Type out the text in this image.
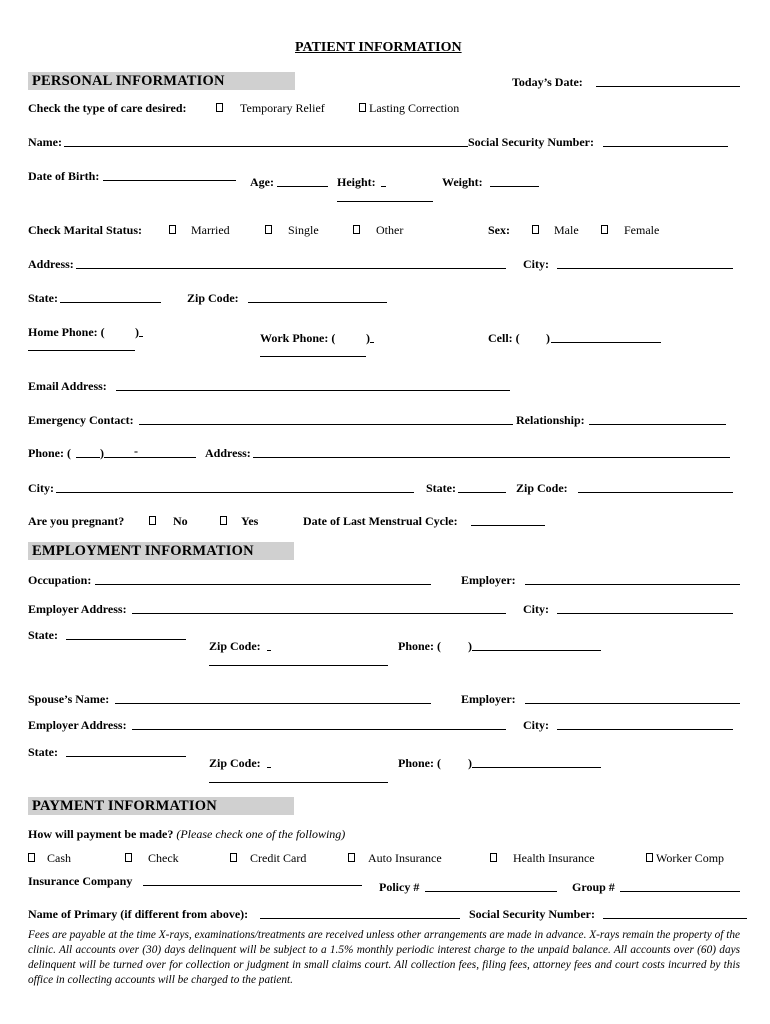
PATIENT INFORMATION
PERSONAL INFORMATION	Today’s Date:
Check the type of care desired:	Temporary Relief	Lasting Correction
Name:	Social Security Number:
Date of Birth:	Age:	Height:	Weight:
Check Marital Status:	Married	Single	Other	Sex:	Male	Female
Address:	City:
State:	Zip Code:
Home Phone: (	)	Work Phone: (	)	Cell: ( )
Email Address:
Emergency Contact:	Relationship:
Phone: ( )	-	Address:
City:	State:	Zip Code:
Are you pregnant?	No	Yes	Date of Last Menstrual Cycle:
EMPLOYMENT INFORMATION
Occupation:	Employer:
Employer Address:	City:
State:
Zip Code:	Phone: ( )
Spouse’s Name:	Employer:
Employer Address:	City:
State:
Zip Code:	Phone: ( )
PAYMENT INFORMATION
How will payment be made? (Please check one of the following)
Cash	Check	Credit Card	Auto Insurance	Health Insurance	Worker Comp
Insurance Company	Policy #	Group #
Name of Primary (if different from above):	Social Security Number:
Fees are payable at the time X-rays, examinations/treatments are received unless other arrangements are made in advance. X-rays remain the property of the clinic. All accounts over (30) days delinquent will be subject to a 1.5% monthly periodic interest charge to the unpaid balance. All accounts over (60) days delinquent will be turned over for collection or judgment in small claims court. All collection fees, filing fees, attorney fees and court costs incurred by this office in collecting accounts will be charged to the patient.
